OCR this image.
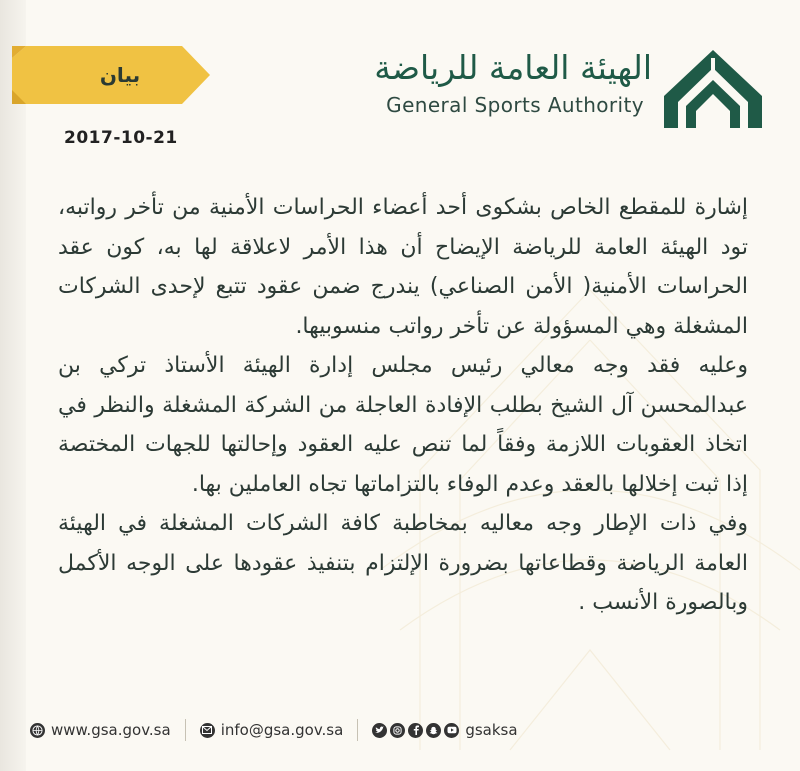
بيان
2017-10-21
الهيئة العامة للرياضة
General Sports Authority

إشارة للمقطع الخاص بشكوى أحد أعضاء الحراسات الأمنية من تأخر رواتبه، تود الهيئة العامة للرياضة الإيضاح أن هذا الأمر لاعلاقة لها به، كون عقد الحراسات الأمنية( الأمن الصناعي) يندرج ضمن عقود تتبع لإحدى الشركات المشغلة وهي المسؤولة عن تأخر رواتب منسوبيها.

وعليه فقد وجه معالي رئيس مجلس إدارة الهيئة الأستاذ تركي بن عبدالمحسن آل الشيخ بطلب الإفادة العاجلة من الشركة المشغلة والنظر في اتخاذ العقوبات اللازمة وفقاً لما تنص عليه العقود وإحالتها للجهات المختصة إذا ثبت إخلالها بالعقد وعدم الوفاء بالتزاماتها تجاه العاملين بها.

وفي ذات الإطار وجه معاليه بمخاطبة كافة الشركات المشغلة في الهيئة العامة الرياضة وقطاعاتها بضرورة الإلتزام بتنفيذ عقودها على الوجه الأكمل وبالصورة الأنسب .

www.gsa.gov.sa	info@gsa.gov.sa	gsaksa
